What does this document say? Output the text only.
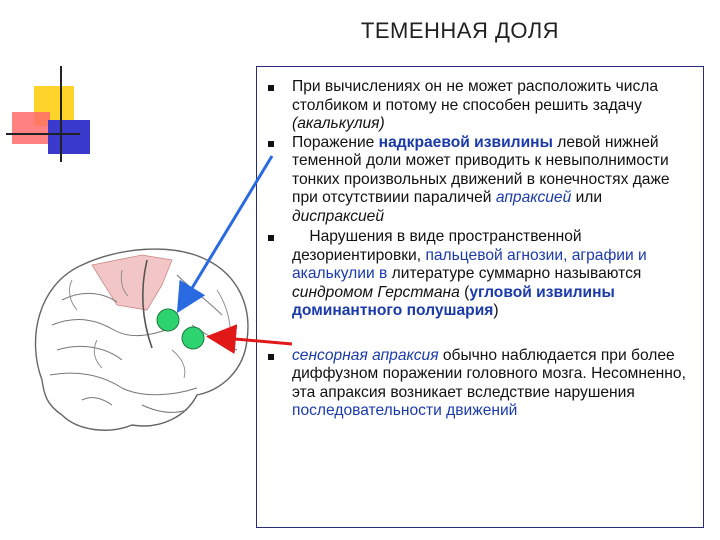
ТЕМЕННАЯ ДОЛЯ
При вычислениях он не может расположить числа столбиком и потому не способен решить задачу (акалькулия)
Поражение надкраевой извилины левой нижней теменной доли может приводить к невыполнимости тонких произвольных движений в конечностях даже при отсутствиии параличей апраксией или диспраксией
Нарушения в виде пространственной дезориентировки, пальцевой агнозии, аграфии и акалькулии в литературе суммарно называются синдромом Герстмана (угловой извилины доминантного полушария)
сенсорная апраксия обычно наблюдается при более диффузном поражении головного мозга. Несомненно, эта апраксия возникает вследствие нарушения последовательности движений
